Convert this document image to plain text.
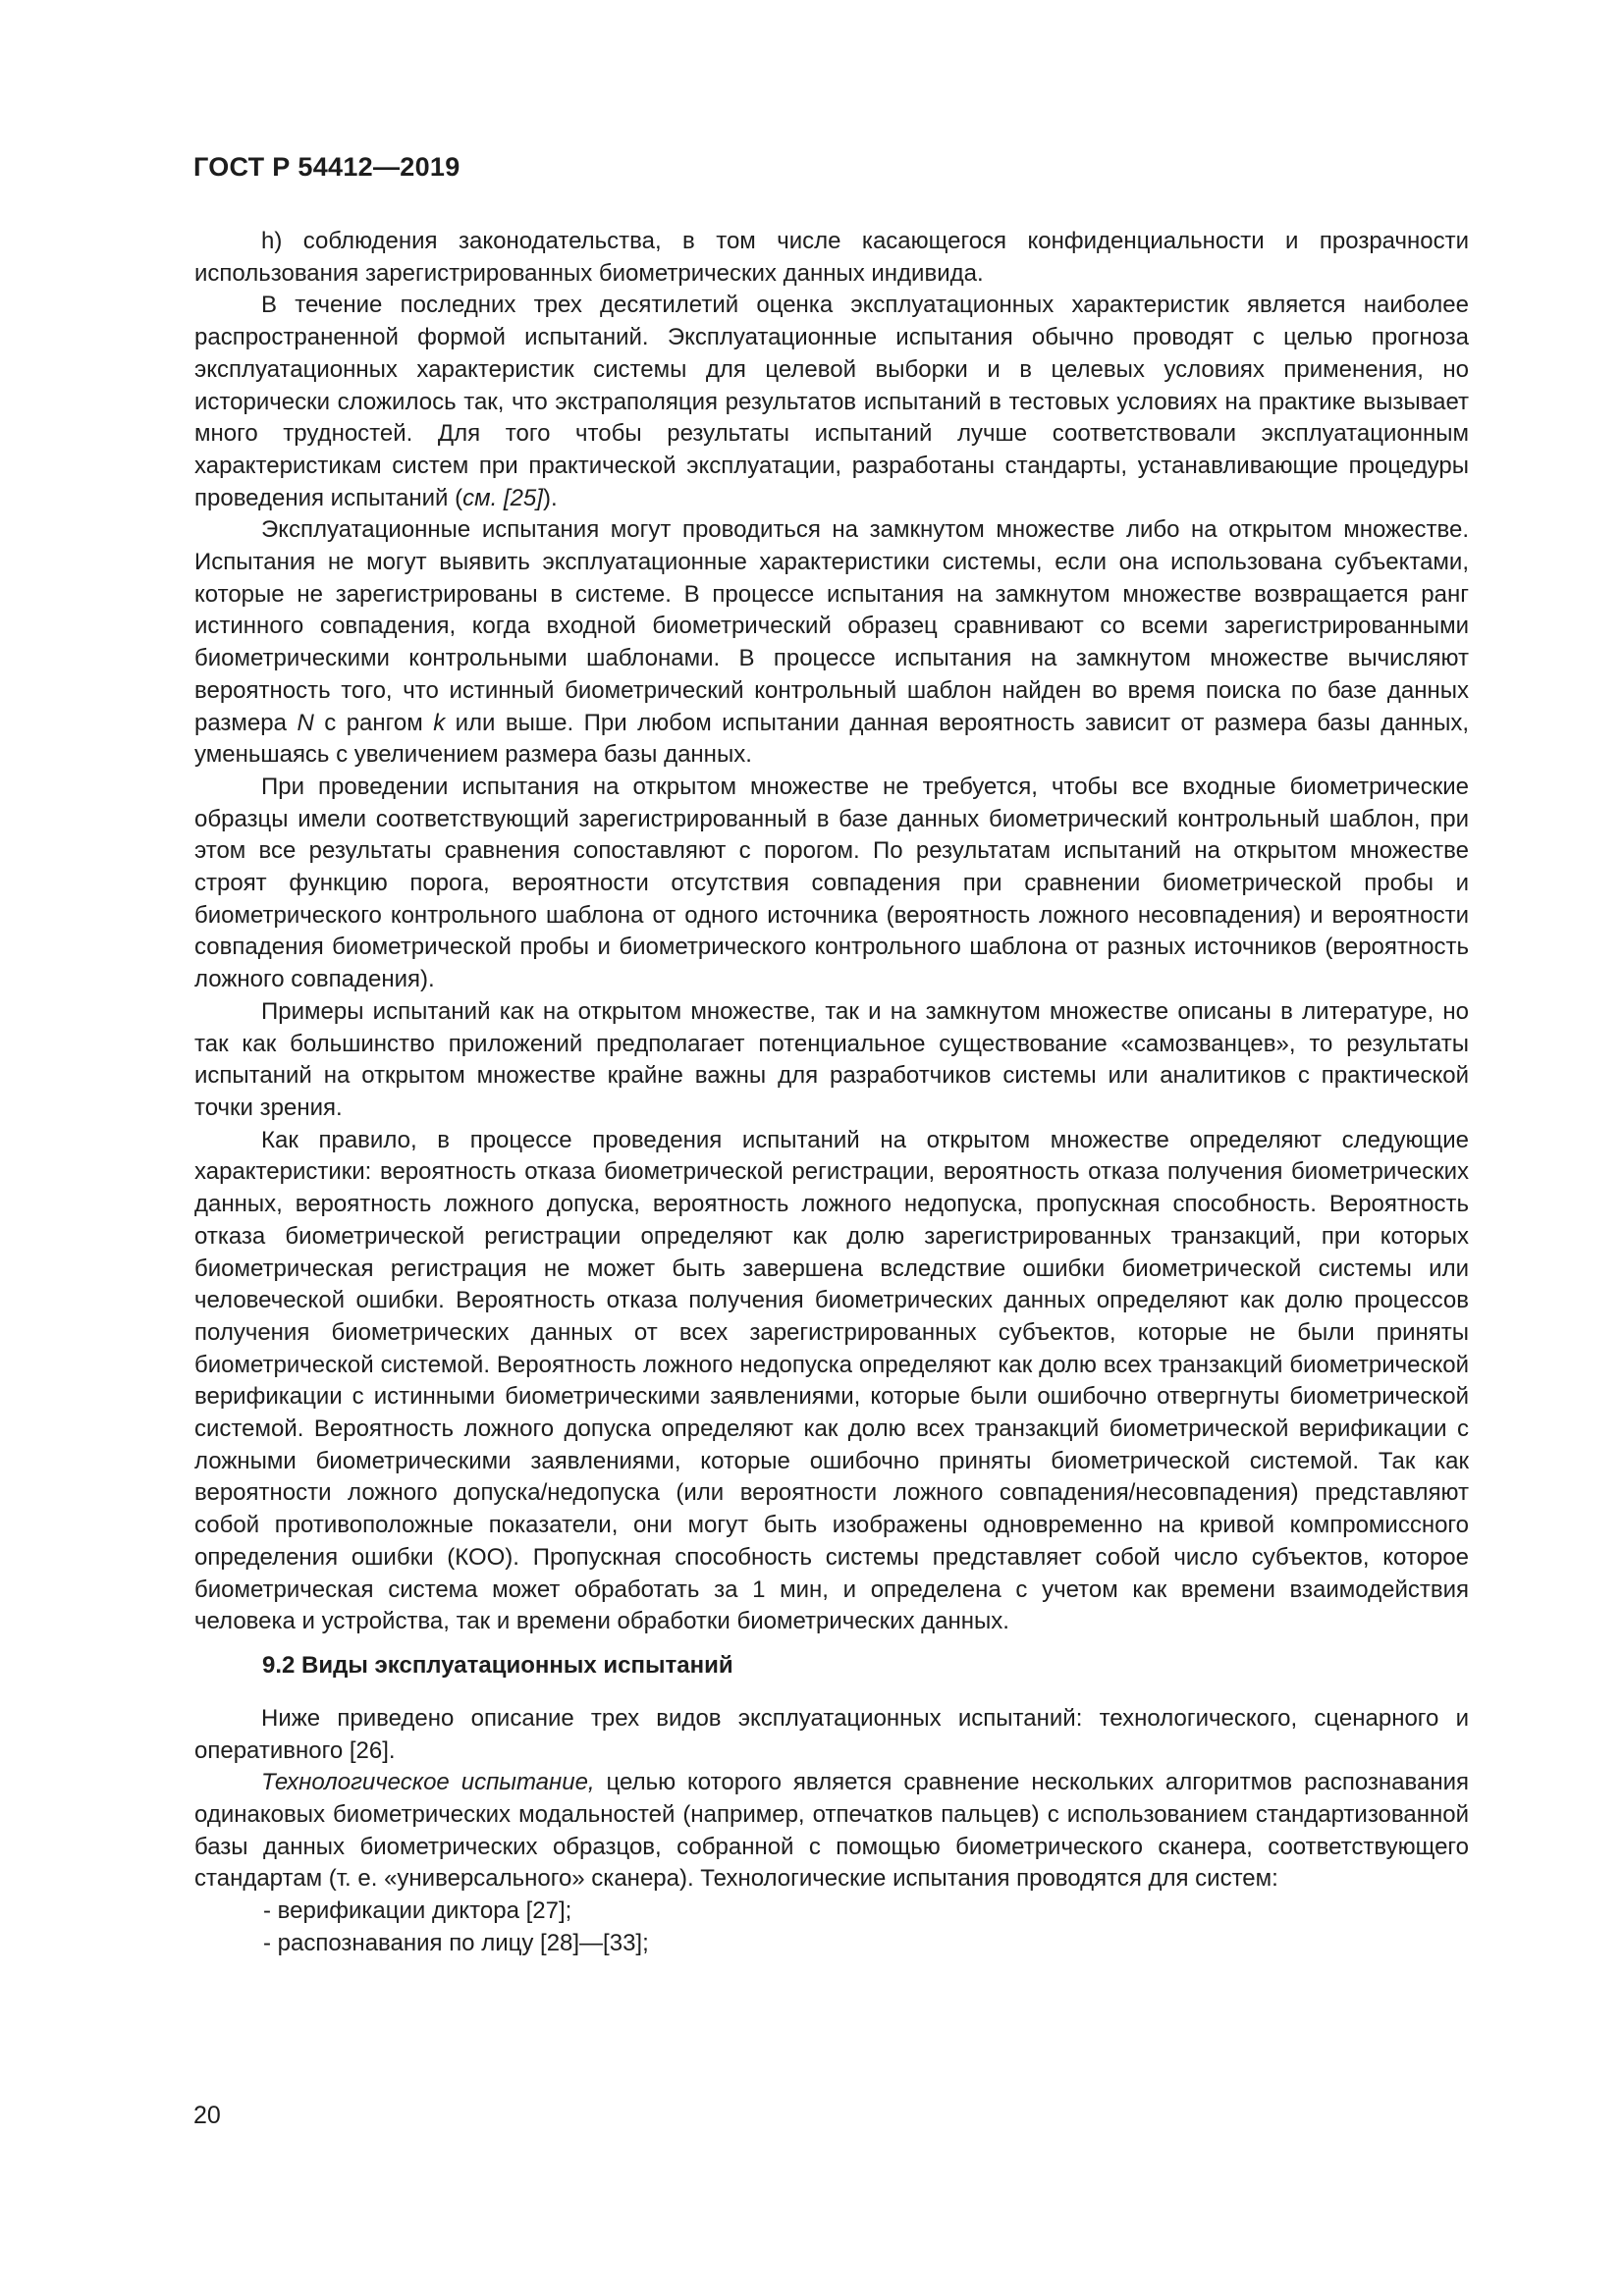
ГОСТ Р 54412—2019

h) соблюдения законодательства, в том числе касающегося конфиденциальности и прозрачности использования зарегистрированных биометрических данных индивида.

В течение последних трех десятилетий оценка эксплуатационных характеристик является наиболее распространенной формой испытаний. Эксплуатационные испытания обычно проводят с целью прогноза эксплуатационных характеристик системы для целевой выборки и в целевых условиях применения, но исторически сложилось так, что экстраполяция результатов испытаний в тестовых условиях на практике вызывает много трудностей. Для того чтобы результаты испытаний лучше соответствовали эксплуатационным характеристикам систем при практической эксплуатации, разработаны стандарты, устанавливающие процедуры проведения испытаний (см. [25]).

Эксплуатационные испытания могут проводиться на замкнутом множестве либо на открытом множестве. Испытания не могут выявить эксплуатационные характеристики системы, если она использована субъектами, которые не зарегистрированы в системе. В процессе испытания на замкнутом множестве возвращается ранг истинного совпадения, когда входной биометрический образец сравнивают со всеми зарегистрированными биометрическими контрольными шаблонами. В процессе испытания на замкнутом множестве вычисляют вероятность того, что истинный биометрический контрольный шаблон найден во время поиска по базе данных размера N с рангом k или выше. При любом испытании данная вероятность зависит от размера базы данных, уменьшаясь с увеличением размера базы данных.

При проведении испытания на открытом множестве не требуется, чтобы все входные биометрические образцы имели соответствующий зарегистрированный в базе данных биометрический контрольный шаблон, при этом все результаты сравнения сопоставляют с порогом. По результатам испытаний на открытом множестве строят функцию порога, вероятности отсутствия совпадения при сравнении биометрической пробы и биометрического контрольного шаблона от одного источника (вероятность ложного несовпадения) и вероятности совпадения биометрической пробы и биометрического контрольного шаблона от разных источников (вероятность ложного совпадения).

Примеры испытаний как на открытом множестве, так и на замкнутом множестве описаны в литературе, но так как большинство приложений предполагает потенциальное существование «самозванцев», то результаты испытаний на открытом множестве крайне важны для разработчиков системы или аналитиков с практической точки зрения.

Как правило, в процессе проведения испытаний на открытом множестве определяют следующие характеристики: вероятность отказа биометрической регистрации, вероятность отказа получения биометрических данных, вероятность ложного допуска, вероятность ложного недопуска, пропускная способность. Вероятность отказа биометрической регистрации определяют как долю зарегистрированных транзакций, при которых биометрическая регистрация не может быть завершена вследствие ошибки биометрической системы или человеческой ошибки. Вероятность отказа получения биометрических данных определяют как долю процессов получения биометрических данных от всех зарегистрированных субъектов, которые не были приняты биометрической системой. Вероятность ложного недопуска определяют как долю всех транзакций биометрической верификации с истинными биометрическими заявлениями, которые были ошибочно отвергнуты биометрической системой. Вероятность ложного допуска определяют как долю всех транзакций биометрической верификации с ложными биометрическими заявлениями, которые ошибочно приняты биометрической системой. Так как вероятности ложного допуска/недопуска (или вероятности ложного совпадения/несовпадения) представляют собой противоположные показатели, они могут быть изображены одновременно на кривой компромиссного определения ошибки (КОО). Пропускная способность системы представляет собой число субъектов, которое биометрическая система может обработать за 1 мин, и определена с учетом как времени взаимодействия человека и устройства, так и времени обработки биометрических данных.

9.2 Виды эксплуатационных испытаний

Ниже приведено описание трех видов эксплуатационных испытаний: технологического, сценарного и оперативного [26].

Технологическое испытание, целью которого является сравнение нескольких алгоритмов распознавания одинаковых биометрических модальностей (например, отпечатков пальцев) с использованием стандартизованной базы данных биометрических образцов, собранной с помощью биометрического сканера, соответствующего стандартам (т. е. «универсального» сканера). Технологические испытания проводятся для систем:

- верификации диктора [27];

- распознавания по лицу [28]—[33];

20
